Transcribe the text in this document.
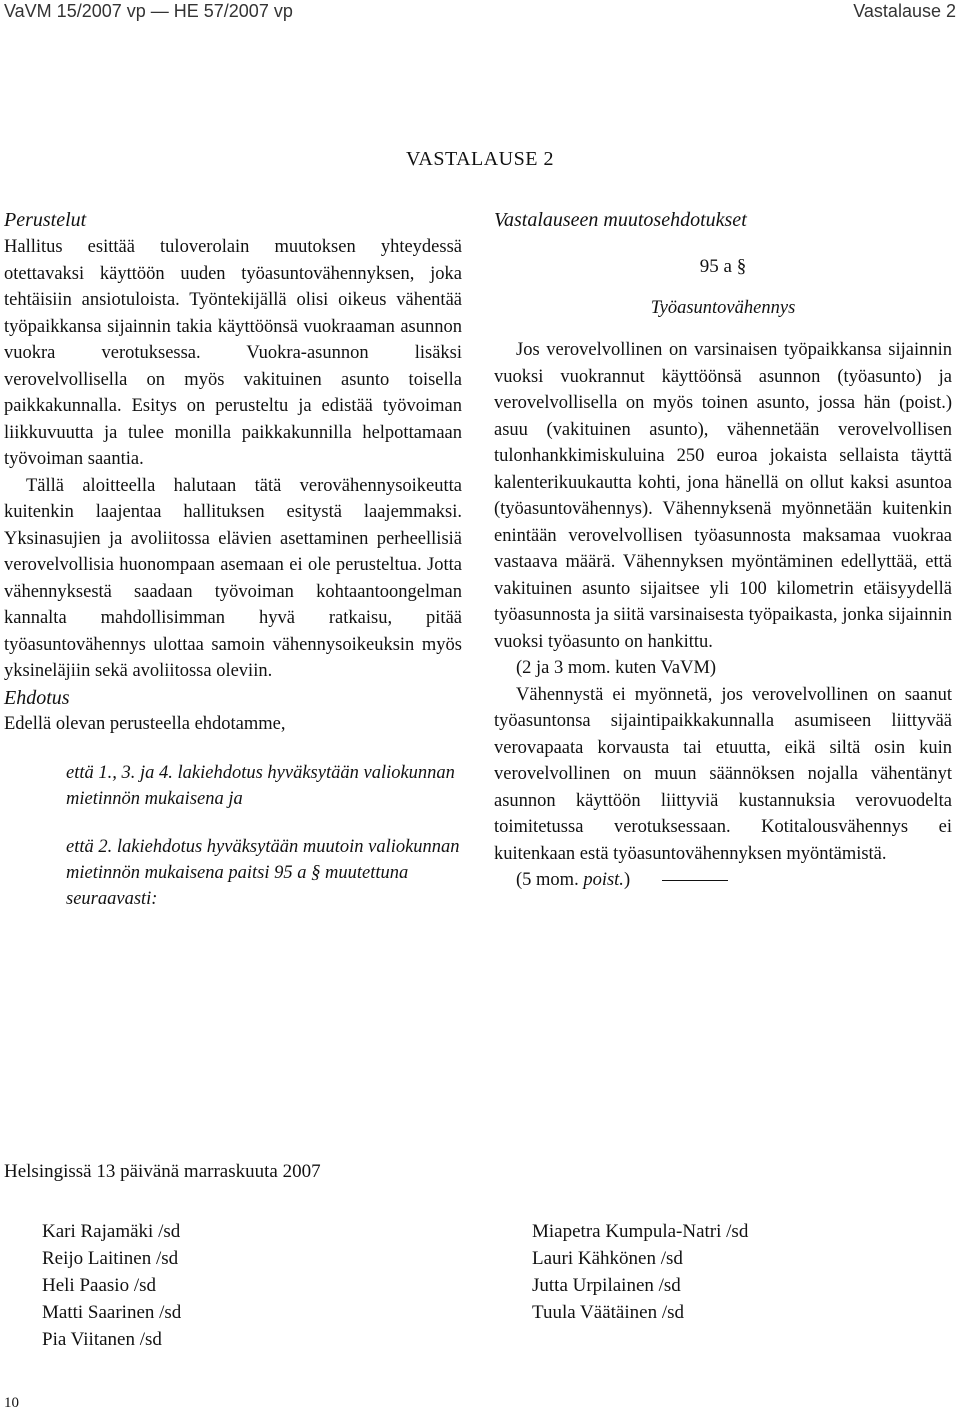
VaVM 15/2007 vp — HE 57/2007 vp	Vastalause 2
VASTALAUSE 2

Perustelut

Hallitus esittää tuloverolain muutoksen yhteydessä otettavaksi käyttöön uuden työasuntovähennyksen, joka tehtäisiin ansiotuloista. Työntekijällä olisi oikeus vähentää työpaikkansa sijainnin takia käyttöönsä vuokraaman asunnon vuokra verotuksessa. Vuokra-asunnon lisäksi verovelvollisella on myös vakituinen asunto toisella paikkakunnalla. Esitys on perusteltu ja edistää työvoiman liikkuvuutta ja tulee monilla paikkakunnilla helpottamaan työvoiman saantia.

Tällä aloitteella halutaan tätä verovähennysoikeutta kuitenkin laajentaa hallituksen esitystä laajemmaksi. Yksinasujien ja avoliitossa elävien asettaminen perheellisiä verovelvollisia huonompaan asemaan ei ole perusteltua. Jotta vähennyksestä saadaan työvoiman kohtaantoongelman kannalta mahdollisimman hyvä ratkaisu, pitää työasuntovähennys ulottaa samoin vähennysoikeuksin myös yksineläjiin sekä avoliitossa oleviin.

Ehdotus

Edellä olevan perusteella ehdotamme,

että 1., 3. ja 4. lakiehdotus hyväksytään valiokunnan mietinnön mukaisena ja

että 2. lakiehdotus hyväksytään muutoin valiokunnan mietinnön mukaisena paitsi 95 a § muutettuna seuraavasti:

Vastalauseen muutosehdotukset

95 a §

Työasuntovähennys

Jos verovelvollinen on varsinaisen työpaikkansa sijainnin vuoksi vuokrannut käyttöönsä asunnon (työasunto) ja verovelvollisella on myös toinen asunto, jossa hän (poist.) asuu (vakituinen asunto), vähennetään verovelvollisen tulonhankkimiskuluina 250 euroa jokaista sellaista täyttä kalenterikuukautta kohti, jona hänellä on ollut kaksi asuntoa (työasuntovähennys). Vähennyksenä myönnetään kuitenkin enintään verovelvollisen työasunnosta maksamaa vuokraa vastaava määrä. Vähennyksen myöntäminen edellyttää, että vakituinen asunto sijaitsee yli 100 kilometrin etäisyydellä työasunnosta ja siitä varsinaisesta työpaikasta, jonka sijainnin vuoksi työasunto on hankittu.

(2 ja 3 mom. kuten VaVM)

Vähennystä ei myönnetä, jos verovelvollinen on saanut työasuntonsa sijaintipaikkakunnalla asumiseen liittyvää verovapaata korvausta tai etuutta, eikä siltä osin kuin verovelvollinen on muun säännöksen nojalla vähentänyt asunnon käyttöön liittyviä kustannuksia verovuodelta toimitetussa verotuksessaan. Kotitalousvähennys ei kuitenkaan estä työasuntovähennyksen myöntämistä.

(5 mom. poist.)

Helsingissä 13 päivänä marraskuuta 2007
Kari Rajamäki /sd
Reijo Laitinen /sd
Heli Paasio /sd
Matti Saarinen /sd
Pia Viitanen /sd
Miapetra Kumpula-Natri /sd
Lauri Kähkönen /sd
Jutta Urpilainen /sd
Tuula Väätäinen /sd
10
